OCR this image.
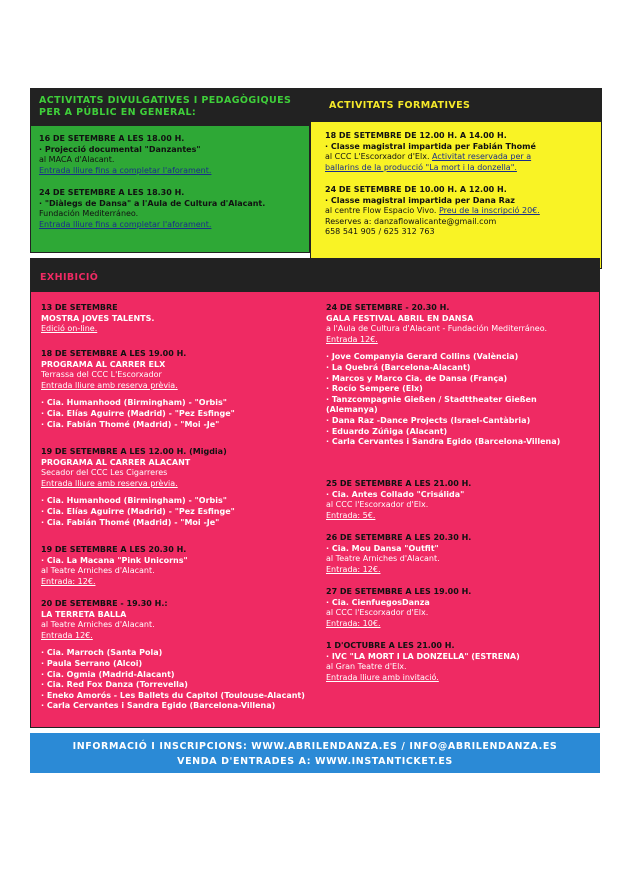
ACTIVITATS DIVULGATIVES I PEDAGÒGIQUES
PER A PÚBLIC EN GENERAL:
16 DE SETEMBRE A LES 18.00 H.
· Projecció documental "Danzantes"
al MACA d'Alacant.
Entrada lliure fins a completar l'aforament.
24 DE SETEMBRE A LES 18.30 H.
· "Diàlegs de Dansa" a l'Aula de Cultura d'Alacant.
Fundación Mediterráneo.
Entrada lliure fins a completar l'aforament.
ACTIVITATS FORMATIVES
18 DE SETEMBRE DE 12.00 H. A 14.00 H.
· Classe magistral impartida per Fabián Thomé
al CCC L'Escorxador d'Elx. Activitat reservada per a
ballarins de la producció "La mort i la donzella".
24 DE SETEMBRE DE 10.00 H. A 12.00 H.
· Classe magistral impartida per Dana Raz
al centre Flow Espacio Vivo. Preu de la inscripció 20€.
Reserves a: danzaflowalicante@gmail.com
658 541 905 / 625 312 763
EXHIBICIÓ
13 DE SETEMBRE
MOSTRA JOVES TALENTS.
Edició on-line.
18 DE SETEMBRE A LES 19.00 H.
PROGRAMA AL CARRER ELX
Terrassa del CCC L'Escorxador
Entrada lliure amb reserva prèvia.
· Cia. Humanhood (Birmingham) - "Orbis"
· Cia. Elías Aguirre (Madrid) - "Pez Esfinge"
· Cia. Fabián Thomé (Madrid) - "Moi -Je"
19 DE SETEMBRE A LES 12.00 H. (Migdia)
PROGRAMA AL CARRER ALACANT
Secador del CCC Les Cigarreres
Entrada lliure amb reserva prèvia.
· Cia. Humanhood (Birmingham) - "Orbis"
· Cia. Elías Aguirre (Madrid) - "Pez Esfinge"
· Cia. Fabián Thomé (Madrid) - "Moi -Je"
19 DE SETEMBRE A LES 20.30 H.
· Cia. La Macana "Pink Unicorns"
al Teatre Arniches d'Alacant.
Entrada: 12€.
20 DE SETEMBRE - 19.30 H.:
LA TERRETA BALLA
al Teatre Arniches d'Alacant.
Entrada 12€.
· Cia. Marroch (Santa Pola)
· Paula Serrano (Alcoi)
· Cia. Ogmia (Madrid-Alacant)
· Cia. Red Fox Danza (Torrevella)
· Eneko Amorós - Les Ballets du Capitol (Toulouse-Alacant)
· Carla Cervantes i Sandra Egido (Barcelona-Villena)
24 DE SETEMBRE - 20.30 H.
GALA FESTIVAL ABRIL EN DANSA
a l'Aula de Cultura d'Alacant - Fundación Mediterráneo.
Entrada 12€.
· Jove Companyia Gerard Collins (València)
· La Quebrá (Barcelona-Alacant)
· Marcos y Marco Cia. de Dansa (França)
· Rocío Sempere (Elx)
· Tanzcompagnie Gießen / Stadttheater Gießen
(Alemanya)
· Dana Raz -Dance Projects (Israel-Cantàbria)
· Eduardo Zúñiga (Alacant)
· Carla Cervantes i Sandra Egido (Barcelona-Villena)
25 DE SETEMBRE A LES 21.00 H.
· Cia. Antes Collado "Crisálida"
al CCC l'Escorxador d'Elx.
Entrada: 5€.
26 DE SETEMBRE A LES 20.30 H.
· Cia. Mou Dansa "Outfit"
al Teatre Arniches d'Alacant.
Entrada: 12€.
27 DE SETEMBRE A LES 19.00 H.
· Cia. CienfuegosDanza
al CCC l'Escorxador d'Elx.
Entrada: 10€.
1 D'OCTUBRE A LES 21.00 H.
· IVC "LA MORT I LA DONZELLA" (ESTRENA)
al Gran Teatre d'Elx.
Entrada lliure amb invitació.
INFORMACIÓ I INSCRIPCIONS: WWW.ABRILENDANZA.ES / INFO@ABRILENDANZA.ES
VENDA D'ENTRADES A: WWW.INSTANTICKET.ES
